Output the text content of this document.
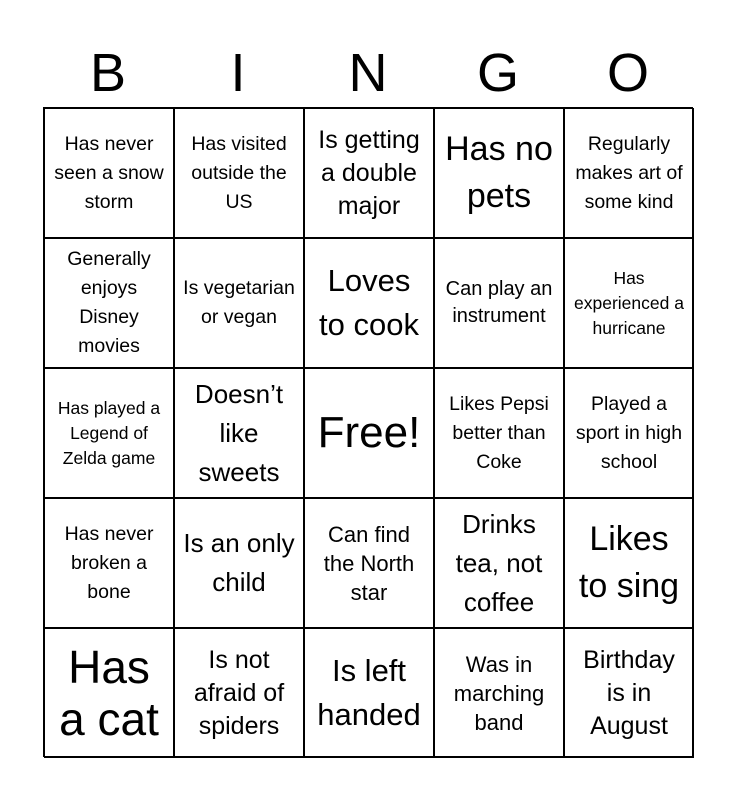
B	I	N	G	O
Has never seen a snow storm
Has visited outside the US
Is getting a double major
Has no pets
Regularly makes art of some kind
Generally enjoys Disney movies
Is vegetarian or vegan
Loves to cook
Can play an instrument
Has experienced a hurricane
Has played a Legend of Zelda game
Doesn’t like sweets
Free!
Likes Pepsi better than Coke
Played a sport in high school
Has never broken a bone
Is an only child
Can find the North star
Drinks tea, not coffee
Likes to sing
Has a cat
Is not afraid of spiders
Is left handed
Was in marching band
Birthday is in August
